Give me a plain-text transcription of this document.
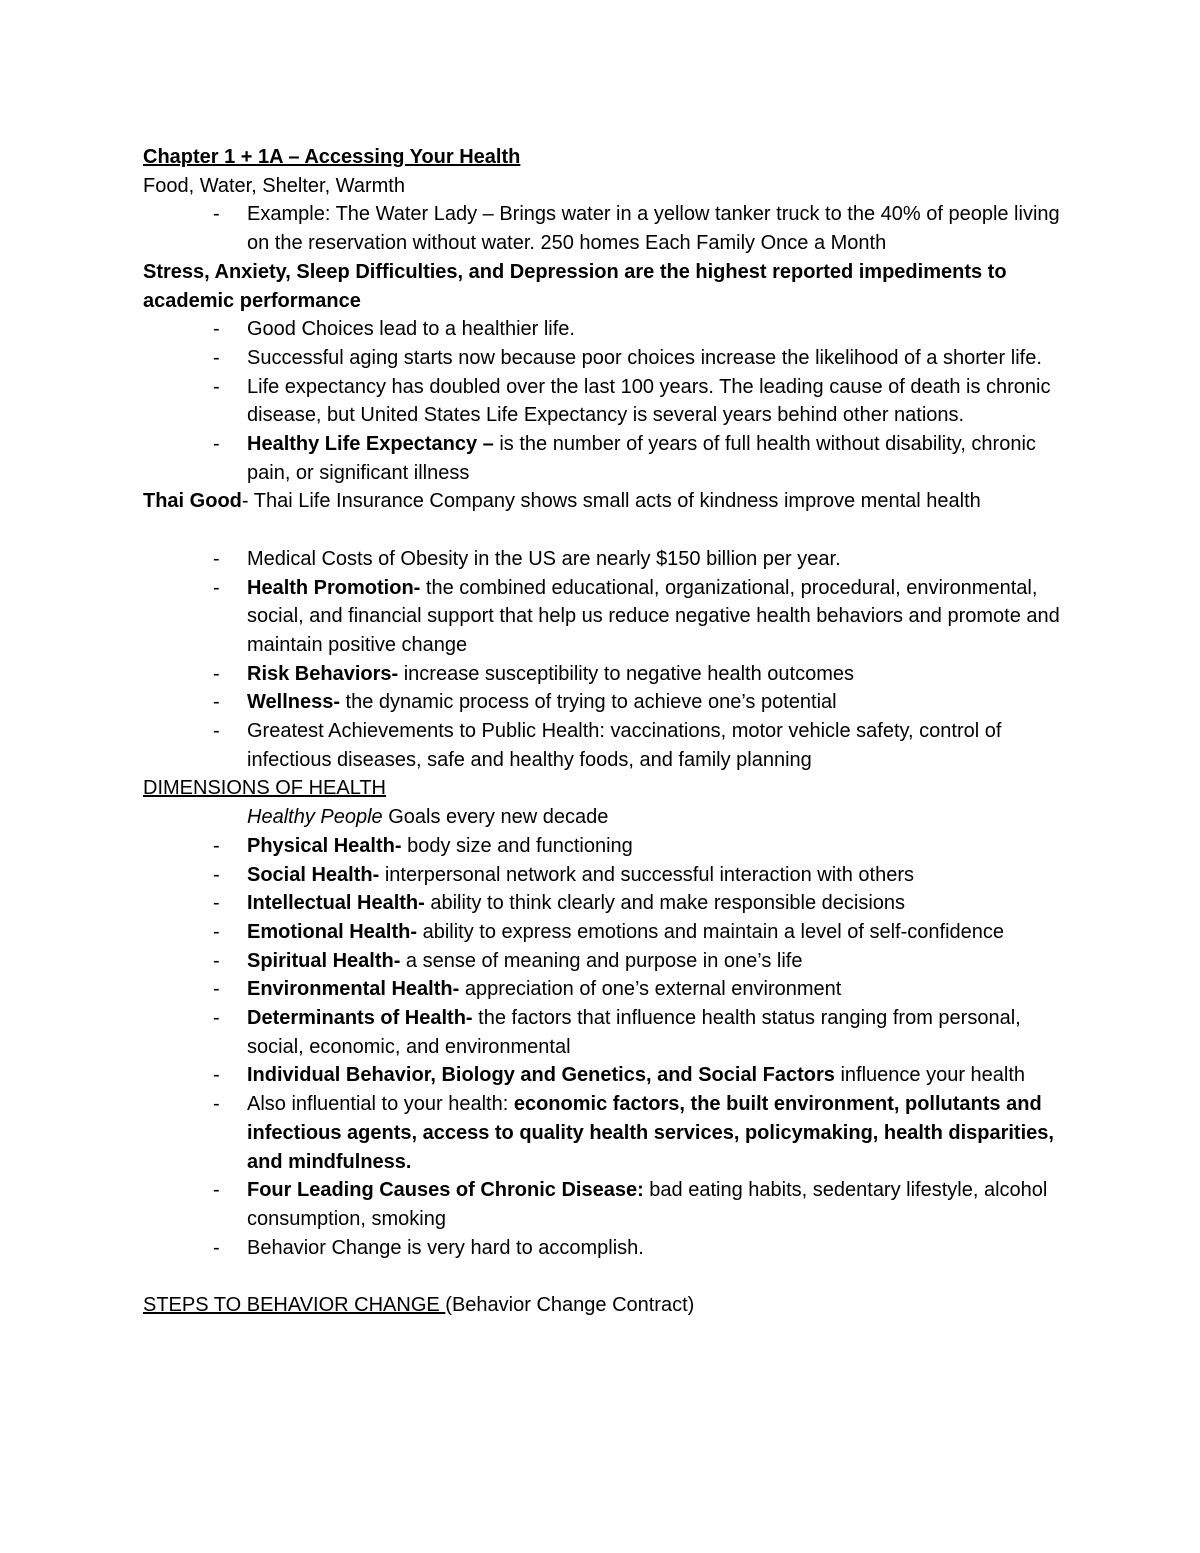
Chapter 1 + 1A – Accessing Your Health

Food, Water, Shelter, Warmth

- Example: The Water Lady – Brings water in a yellow tanker truck to the 40% of people living on the reservation without water. 250 homes Each Family Once a Month

Stress, Anxiety, Sleep Difficulties, and Depression are the highest reported impediments to academic performance

- Good Choices lead to a healthier life.
- Successful aging starts now because poor choices increase the likelihood of a shorter life.
- Life expectancy has doubled over the last 100 years. The leading cause of death is chronic disease, but United States Life Expectancy is several years behind other nations.
- Healthy Life Expectancy – is the number of years of full health without disability, chronic pain, or significant illness

Thai Good- Thai Life Insurance Company shows small acts of kindness improve mental health

- Medical Costs of Obesity in the US are nearly $150 billion per year.
- Health Promotion- the combined educational, organizational, procedural, environmental, social, and financial support that help us reduce negative health behaviors and promote and maintain positive change
- Risk Behaviors- increase susceptibility to negative health outcomes
- Wellness- the dynamic process of trying to achieve one’s potential
- Greatest Achievements to Public Health: vaccinations, motor vehicle safety, control of infectious diseases, safe and healthy foods, and family planning

DIMENSIONS OF HEALTH

Healthy People Goals every new decade

- Physical Health- body size and functioning
- Social Health- interpersonal network and successful interaction with others
- Intellectual Health- ability to think clearly and make responsible decisions
- Emotional Health- ability to express emotions and maintain a level of self-confidence
- Spiritual Health- a sense of meaning and purpose in one’s life
- Environmental Health- appreciation of one’s external environment
- Determinants of Health- the factors that influence health status ranging from personal, social, economic, and environmental
- Individual Behavior, Biology and Genetics, and Social Factors influence your health
- Also influential to your health: economic factors, the built environment, pollutants and infectious agents, access to quality health services, policymaking, health disparities, and mindfulness.
- Four Leading Causes of Chronic Disease: bad eating habits, sedentary lifestyle, alcohol consumption, smoking
- Behavior Change is very hard to accomplish.

STEPS TO BEHAVIOR CHANGE (Behavior Change Contract)
